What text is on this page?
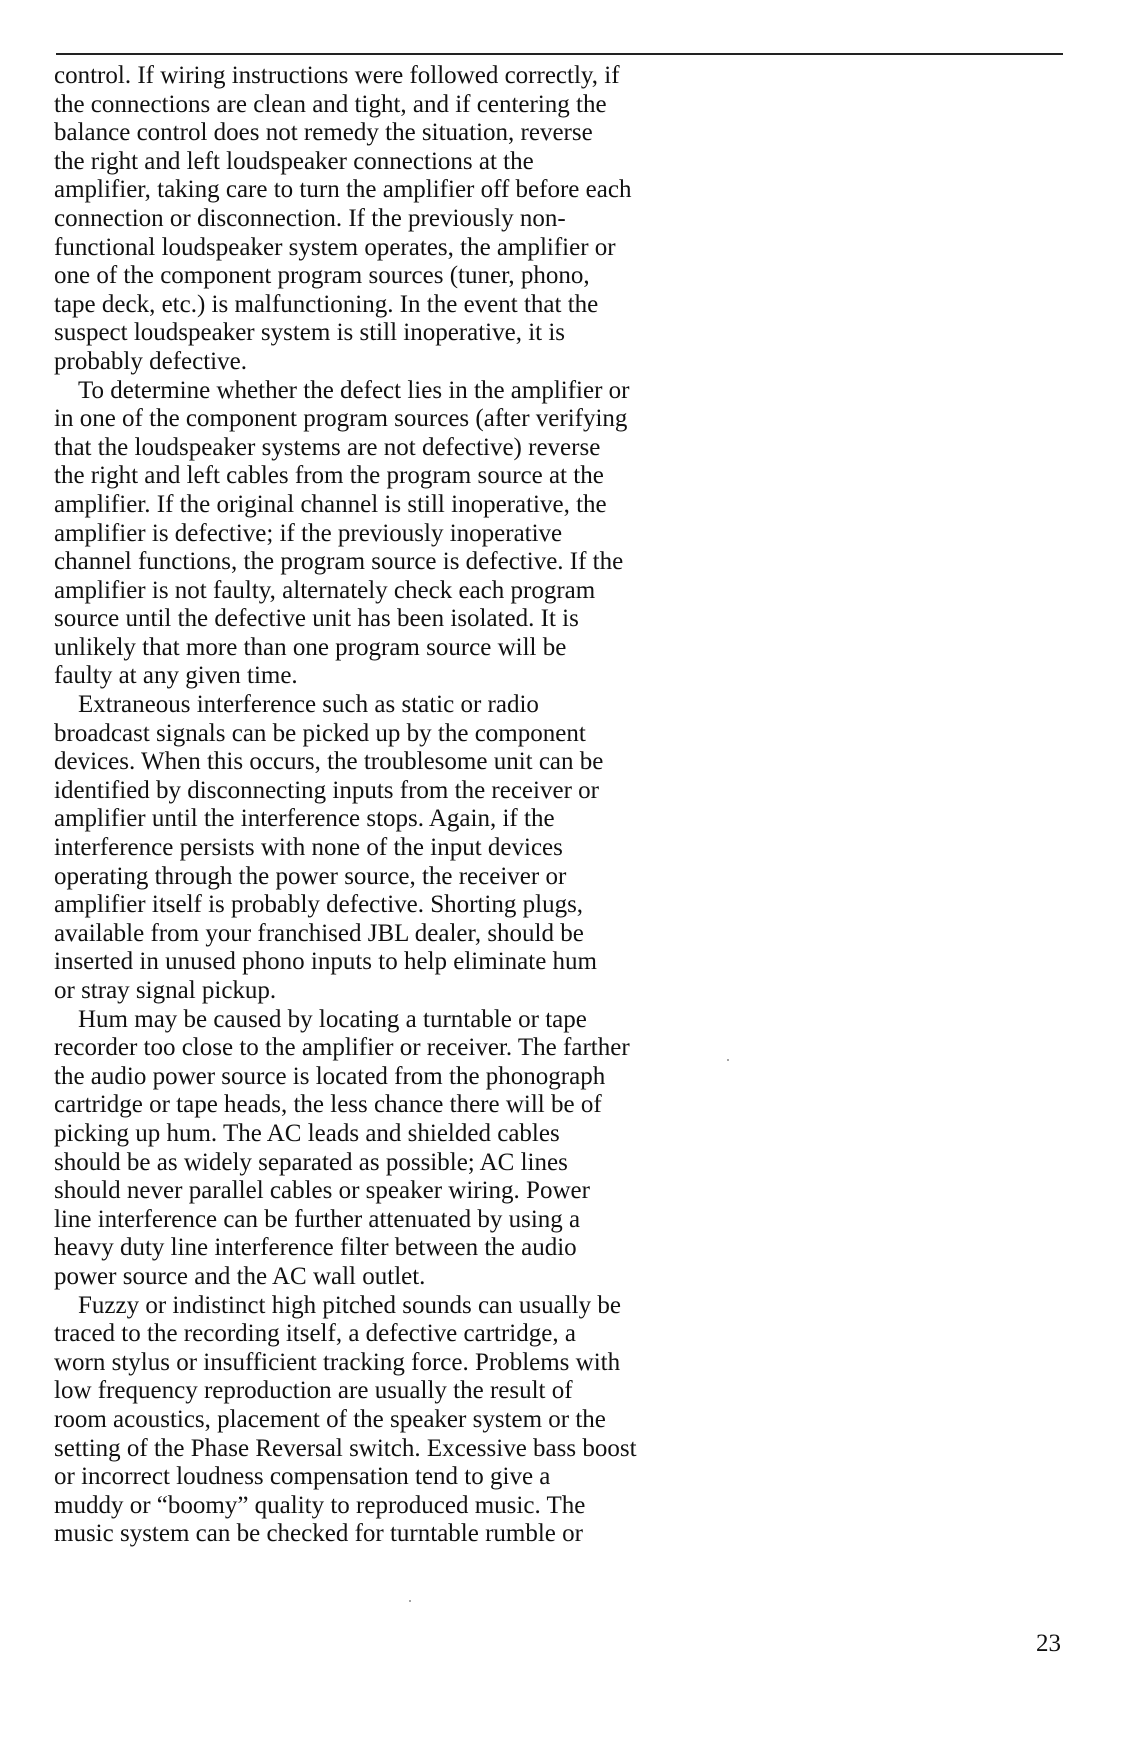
control. If wiring instructions were followed correctly, if
the connections are clean and tight, and if centering the
balance control does not remedy the situation, reverse
the right and left loudspeaker connections at the
amplifier, taking care to turn the amplifier off before each
connection or disconnection. If the previously non-
functional loudspeaker system operates, the amplifier or
one of the component program sources (tuner, phono,
tape deck, etc.) is malfunctioning. In the event that the
suspect loudspeaker system is still inoperative, it is
probably defective.
To determine whether the defect lies in the amplifier or
in one of the component program sources (after verifying
that the loudspeaker systems are not defective) reverse
the right and left cables from the program source at the
amplifier. If the original channel is still inoperative, the
amplifier is defective; if the previously inoperative
channel functions, the program source is defective. If the
amplifier is not faulty, alternately check each program
source until the defective unit has been isolated. It is
unlikely that more than one program source will be
faulty at any given time.
Extraneous interference such as static or radio
broadcast signals can be picked up by the component
devices. When this occurs, the troublesome unit can be
identified by disconnecting inputs from the receiver or
amplifier until the interference stops. Again, if the
interference persists with none of the input devices
operating through the power source, the receiver or
amplifier itself is probably defective. Shorting plugs,
available from your franchised JBL dealer, should be
inserted in unused phono inputs to help eliminate hum
or stray signal pickup.
Hum may be caused by locating a turntable or tape
recorder too close to the amplifier or receiver. The farther
the audio power source is located from the phonograph
cartridge or tape heads, the less chance there will be of
picking up hum. The AC leads and shielded cables
should be as widely separated as possible; AC lines
should never parallel cables or speaker wiring. Power
line interference can be further attenuated by using a
heavy duty line interference filter between the audio
power source and the AC wall outlet.
Fuzzy or indistinct high pitched sounds can usually be
traced to the recording itself, a defective cartridge, a
worn stylus or insufficient tracking force. Problems with
low frequency reproduction are usually the result of
room acoustics, placement of the speaker system or the
setting of the Phase Reversal switch. Excessive bass boost
or incorrect loudness compensation tend to give a
muddy or “boomy” quality to reproduced music. The
music system can be checked for turntable rumble or
23
